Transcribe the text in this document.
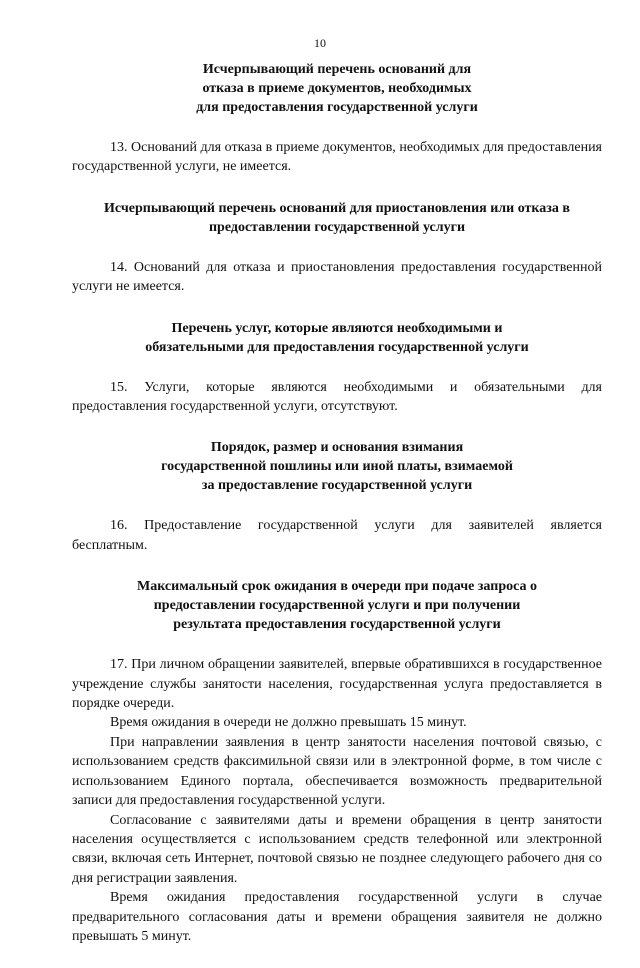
10
Исчерпывающий перечень оснований для
отказа в приеме документов, необходимых
для предоставления государственной услуги

13. Оснований для отказа в приеме документов, необходимых для предоставления государственной услуги, не имеется.

Исчерпывающий перечень оснований для приостановления или отказа в
предоставлении государственной услуги

14. Оснований для отказа и приостановления предоставления государственной услуги не имеется.

Перечень услуг, которые являются необходимыми и
обязательными для предоставления государственной услуги

15. Услуги, которые являются необходимыми и обязательными для предоставления государственной услуги, отсутствуют.

Порядок, размер и основания взимания
государственной пошлины или иной платы, взимаемой
за предоставление государственной услуги

16. Предоставление государственной услуги для заявителей является бесплатным.

Максимальный срок ожидания в очереди при подаче запроса о
предоставлении государственной услуги и при получении
результата предоставления государственной услуги

17. При личном обращении заявителей, впервые обратившихся в государственное учреждение службы занятости населения, государственная услуга предоставляется в порядке очереди.

Время ожидания в очереди не должно превышать 15 минут.

При направлении заявления в центр занятости населения почтовой связью, с использованием средств факсимильной связи или в электронной форме, в том числе с использованием Единого портала, обеспечивается возможность предварительной записи для предоставления государственной услуги.

Согласование с заявителями даты и времени обращения в центр занятости населения осуществляется с использованием средств телефонной или электронной связи, включая сеть Интернет, почтовой связью не позднее следующего рабочего дня со дня регистрации заявления.

Время ожидания предоставления государственной услуги в случае предварительного согласования даты и времени обращения заявителя не должно превышать 5 минут.
